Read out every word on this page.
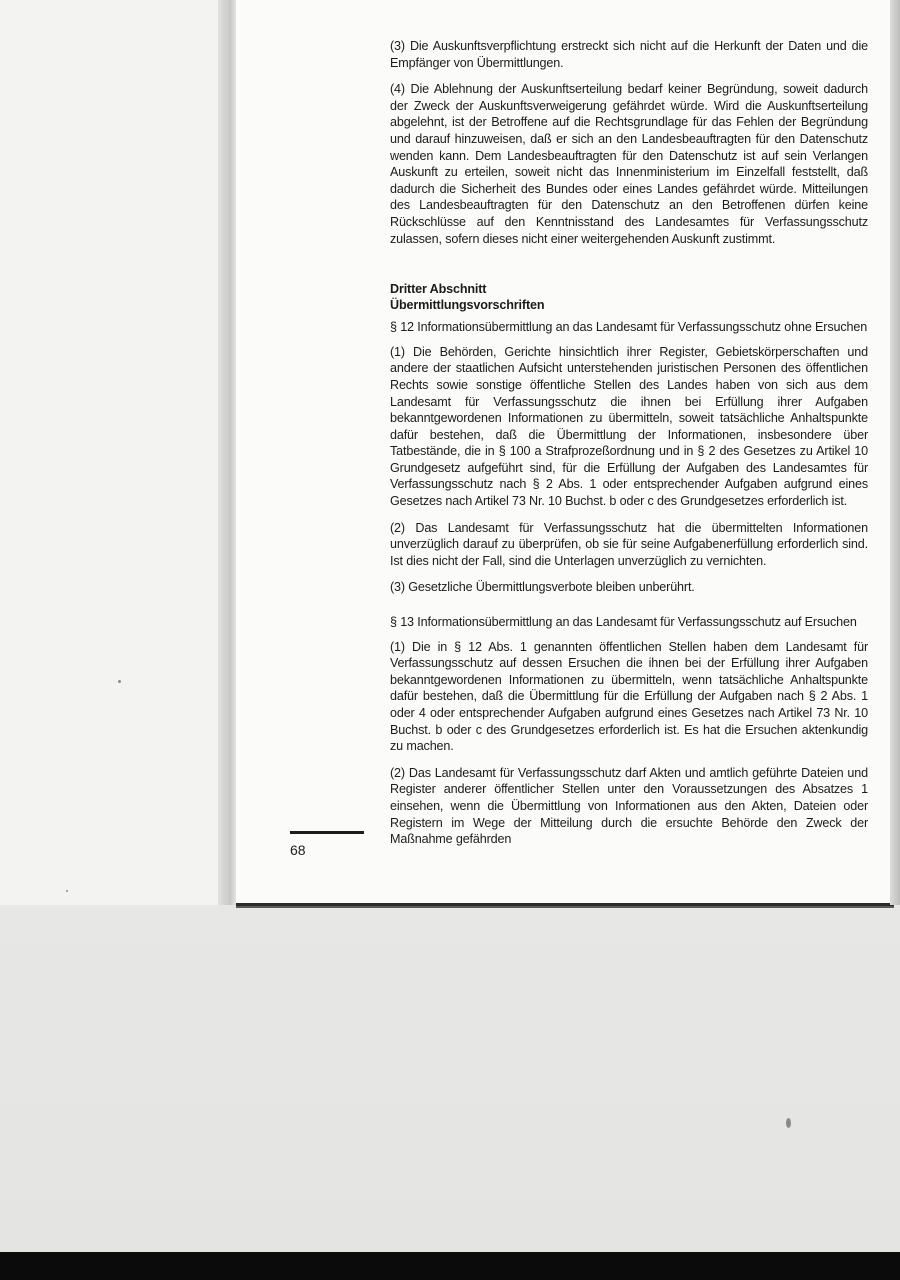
(3) Die Auskunftsverpflichtung erstreckt sich nicht auf die Herkunft der Daten und die Empfänger von Übermittlungen.

(4) Die Ablehnung der Auskunftserteilung bedarf keiner Begründung, soweit dadurch der Zweck der Auskunftsverweigerung gefährdet würde. Wird die Auskunftserteilung abgelehnt, ist der Betroffene auf die Rechtsgrundlage für das Fehlen der Begründung und darauf hinzuweisen, daß er sich an den Landesbeauftragten für den Datenschutz wenden kann. Dem Landesbeauftragten für den Datenschutz ist auf sein Verlangen Auskunft zu erteilen, soweit nicht das Innenministerium im Einzelfall feststellt, daß dadurch die Sicherheit des Bundes oder eines Landes gefährdet würde. Mitteilungen des Landesbeauftragten für den Datenschutz an den Betroffenen dürfen keine Rückschlüsse auf den Kenntnisstand des Landesamtes für Verfassungsschutz zulassen, sofern dieses nicht einer weitergehenden Auskunft zustimmt.

Dritter Abschnitt
Übermittlungsvorschriften

§ 12 Informationsübermittlung an das Landesamt für Verfassungsschutz ohne Ersuchen

(1) Die Behörden, Gerichte hinsichtlich ihrer Register, Gebietskörperschaften und andere der staatlichen Aufsicht unterstehenden juristischen Personen des öffentlichen Rechts sowie sonstige öffentliche Stellen des Landes haben von sich aus dem Landesamt für Verfassungsschutz die ihnen bei Erfüllung ihrer Aufgaben bekanntgewordenen Informationen zu übermitteln, soweit tatsächliche Anhaltspunkte dafür bestehen, daß die Übermittlung der Informationen, insbesondere über Tatbestände, die in § 100 a Strafprozeßordnung und in § 2 des Gesetzes zu Artikel 10 Grundgesetz aufgeführt sind, für die Erfüllung der Aufgaben des Landesamtes für Verfassungsschutz nach § 2 Abs. 1 oder entsprechender Aufgaben aufgrund eines Gesetzes nach Artikel 73 Nr. 10 Buchst. b oder c des Grundgesetzes erforderlich ist.

(2) Das Landesamt für Verfassungsschutz hat die übermittelten Informationen unverzüglich darauf zu überprüfen, ob sie für seine Aufgabenerfüllung erforderlich sind. Ist dies nicht der Fall, sind die Unterlagen unverzüglich zu vernichten.

(3) Gesetzliche Übermittlungsverbote bleiben unberührt.

§ 13 Informationsübermittlung an das Landesamt für Verfassungsschutz auf Ersuchen

(1) Die in § 12 Abs. 1 genannten öffentlichen Stellen haben dem Landesamt für Verfassungsschutz auf dessen Ersuchen die ihnen bei der Erfüllung ihrer Aufgaben bekanntgewordenen Informationen zu übermitteln, wenn tatsächliche Anhaltspunkte dafür bestehen, daß die Übermittlung für die Erfüllung der Aufgaben nach § 2 Abs. 1 oder 4 oder entsprechender Aufgaben aufgrund eines Gesetzes nach Artikel 73 Nr. 10 Buchst. b oder c des Grundgesetzes erforderlich ist. Es hat die Ersuchen aktenkundig zu machen.

(2) Das Landesamt für Verfassungsschutz darf Akten und amtlich geführte Dateien und Register anderer öffentlicher Stellen unter den Voraussetzungen des Absatzes 1 einsehen, wenn die Übermittlung von Informationen aus den Akten, Dateien oder Registern im Wege der Mitteilung durch die ersuchte Behörde den Zweck der Maßnahme gefährden

68
